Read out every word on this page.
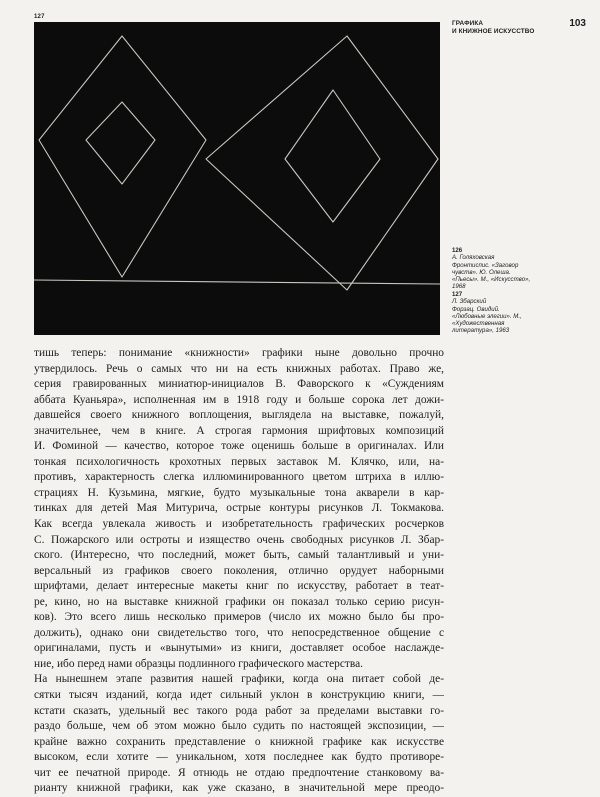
127
ГРАФИКА
И КНИЖНОЕ ИСКУССТВО
103
126
А. Голяховская
Фронтиспис. «Заговор
чувств». Ю. Олеша.
«Пьесы». М., «Искусство»,
1968
127
Л. Збарский
Форзац. Овидий.
«Любовные элегии». М.,
«Художественная
литература», 1963
тишь теперь: понимание «книжности» графики ныне довольно прочно
утвердилось. Речь о самых что ни на есть книжных работах. Право же,
серия гравированных миниатюр-инициалов В. Фаворского к «Суждениям
аббата Куаньяра», исполненная им в 1918 году и больше сорока лет дожи-
давшейся своего книжного воплощения, выглядела на выставке, пожалуй,
значительнее, чем в книге. А строгая гармония шрифтовых композиций
И. Фоминой — качество, которое тоже оценишь больше в оригиналах. Или
тонкая психологичность крохотных первых заставок М. Клячко, или, на-
противъ, характерность слегка иллюминированного цветом штриха в иллю-
страциях Н. Кузьмина, мягкие, будто музыкальные тона акварели в кар-
тинках для детей Мая Митурича, острые контуры рисунков Л. Токмакова.
Как всегда увлекала живость и изобретательность графических росчерков
С. Пожарского или остроты и изящество очень свободных рисунков Л. Збар-
ского. (Интересно, что последний, может быть, самый талантливый и уни-
версальный из графиков своего поколения, отлично орудует наборными
шрифтами, делает интересные макеты книг по искусству, работает в теат-
ре, кино, но на выставке книжной графики он показал только серию рисун-
ков). Это всего лишь несколько примеров (число их можно было бы про-
должить), однако они свидетельство того, что непосредственное общение с
оригиналами, пусть и «вынутыми» из книги, доставляет особое наслажде-
ние, ибо перед нами образцы подлинного графического мастерства.
На нынешнем этапе развития нашей графики, когда она питает собой де-
сятки тысяч изданий, когда идет сильный уклон в конструкцию книги, —
кстати сказать, удельный вес такого рода работ за пределами выставки го-
раздо больше, чем об этом можно было судить по настоящей экспозиции, —
крайне важно сохранить представление о книжной графике как искусстве
высоком, если хотите — уникальном, хотя последнее как будто противоре-
чит ее печатной природе. Я отнюдь не отдаю предпочтение станковому ва-
рианту книжной графики, как уже сказано, в значительной мере преодо-
